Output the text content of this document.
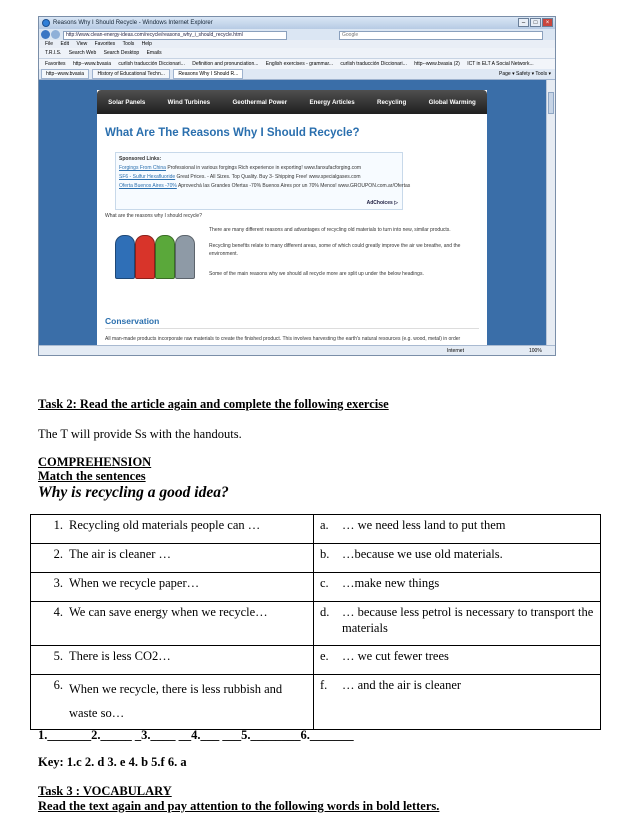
Reasons Why I Should Recycle - Windows Internet Explorer	–	□	×
http://www.clean-energy-ideas.com/recycle/reasons_why_i_should_recycle.html	Google
File Edit View Favorites Tools Help
T.R.I.S. Search Web Search Desktop Emails
Favorites http--www.bvasia curlish traducción Diccionari... Definition and pronunciation... English exercises - grammar... curlish traducción Diccionari... http--www.bvasia (2) ICT in ELT A Social Network...
http--www.bvasia	History of Educational Techn...	Reasons Why I Should R...	Page ▾ Safety ▾ Tools ▾
Solar Panels	Wind Turbines	Geothermal Power	Energy Articles	Recycling	Global Warming
What Are The Reasons Why I Should Recycle?
Sponsored Links:
Forgings From China Professional in various forgings Rich experience in exporting! www.fanxufacforging.com
SF6 - Sulfur Hexafluoride Great Prices. - All Sizes. Top Quality. Buy 3- Shipping Free! www.specialgases.com
Oferta Buenos Aires -70% Aprovechá las Grandes Ofertas -70% Buenos Aires por un 70% Menos! www.GROUPON.com.ar/Ofertas
AdChoices ▷
What are the reasons why I should recycle?
There are many different reasons and advantages of recycling old materials to turn into new, similar products.
Recycling benefits relate to many different areas, some of which could greatly improve the air we breathe, and the environment.
Some of the main reasons why we should all recycle more are split up under the below headings.
Conservation
All man-made products incorporate raw materials to create the finished product. This involves harvesting the earth's natural resources (e.g. wood, metal) in order
Internet	100%
Task 2: Read the article again and complete the following exercise
The T will provide Ss with the handouts.
COMPREHENSION
Match the sentences
Why is recycling a good idea?
1. Recycling old materials people can …	a. … we need less land to put them

2. The air is cleaner …	b. …because we use old materials.

3. When we recycle paper…	c. …make new things

4. We can save energy when we recycle…	d. … because less petrol is necessary to transport the materials

5. There is less CO2…	e. … we cut fewer trees

6. When we recycle, there is less rubbish and waste so…	f. … and the air is cleaner
1._______2._____ _3.____ __4.___ ___5.________6._______
Key: 1.c 2. d 3. e 4. b 5.f 6. a
Task 3 : VOCABULARY
Read the text again and pay attention to the following words in bold letters.
